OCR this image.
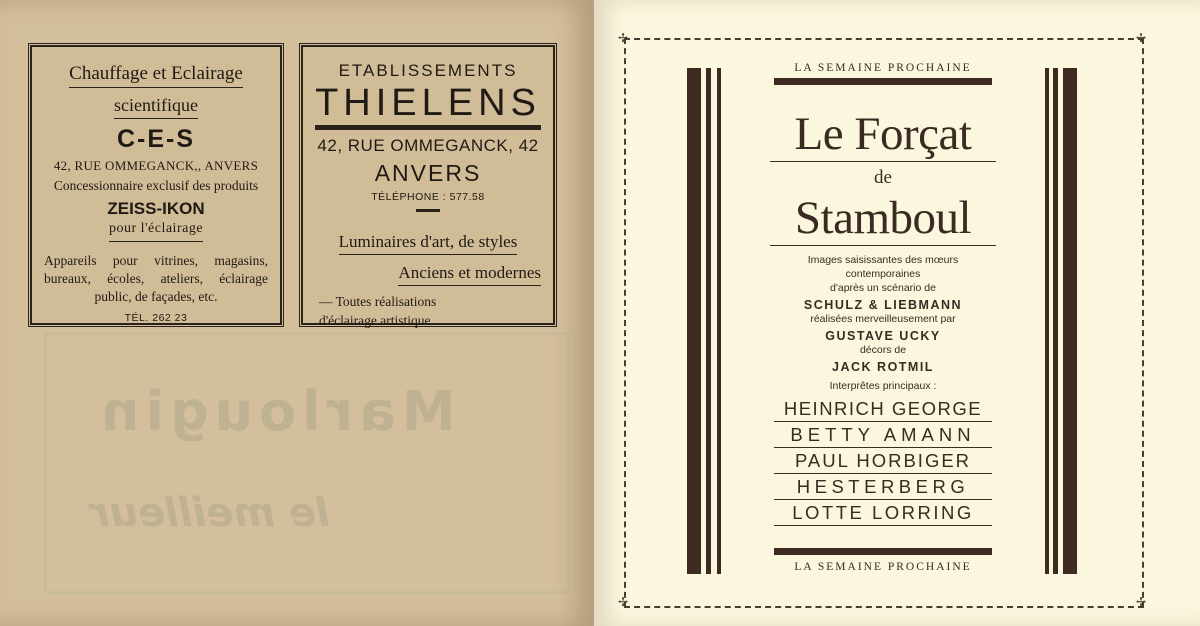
Marlougin
le meilleur
Chauffage et Eclairage
scientifique
C-E-S
42, RUE OMMEGANCK,, ANVERS
Concessionnaire exclusif des produits
ZEISS-IKON
pour l'éclairage
Appareils pour vitrines, magasins, bureaux, écoles, ateliers, éclairage public, de façades, etc.
TÉL. 262 23
ETABLISSEMENTS
THIELENS
42, RUE OMMEGANCK, 42
ANVERS
TÉLÉPHONE : 577.58
Luminaires d'art, de styles
Anciens et modernes
— Toutes réalisations
d'éclairage artistique
✢	✢
✢	✢
LA SEMAINE PROCHAINE
Le Forçat
de
Stamboul
Images saisissantes des mœurs
contemporaines
d'après un scénario de
SCHULZ & LIEBMANN
réalisées merveilleusement par
GUSTAVE UCKY
décors de
JACK ROTMIL
Interprêtes principaux :
HEINRICH GEORGE
BETTY AMANN
PAUL HORBIGER
HESTERBERG
LOTTE LORRING
LA SEMAINE PROCHAINE
